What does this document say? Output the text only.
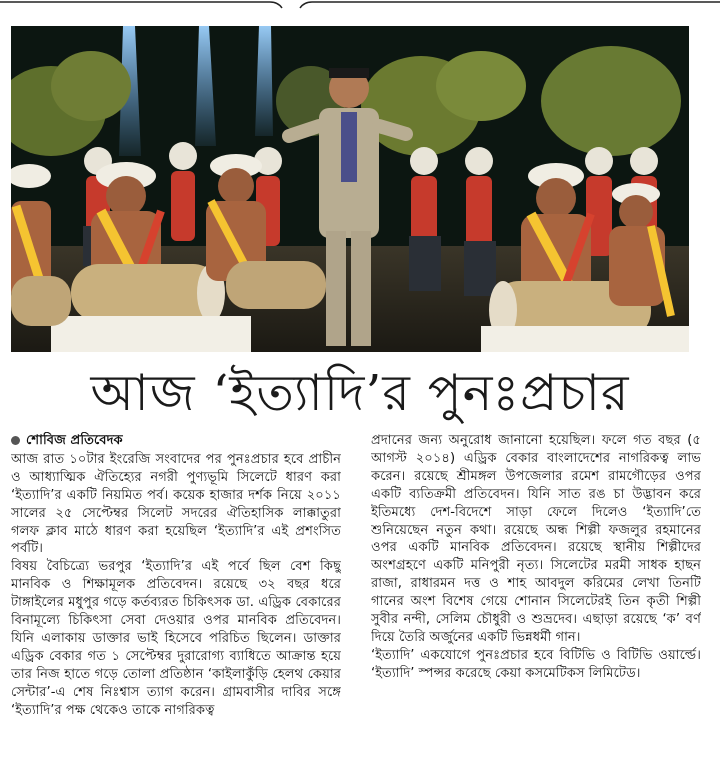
আজ ‘ইত্যাদি’র পুনঃপ্রচার
শোবিজ প্রতিবেদক

আজ রাত ১০টার ইংরেজি সংবাদের পর পুনঃপ্রচার হবে প্রাচীন ও আধ্যাত্মিক ঐতিহ্যের নগরী পুণ্যভূমি সিলেটে ধারণ করা ‘ইত্যাদি’র একটি নিয়মিত পর্ব। কয়েক হাজার দর্শক নিয়ে ২০১১ সালের ২৫ সেপ্টেম্বর সিলেট সদরের ঐতিহাসিক লাক্কাতুরা গলফ ক্লাব মাঠে ধারণ করা হয়েছিল ‘ইত্যাদি’র এই প্রশংসিত পর্বটি।

বিষয় বৈচিত্র্যে ভরপুর ‘ইত্যাদি’র এই পর্বে ছিল বেশ কিছু মানবিক ও শিক্ষামূলক প্রতিবেদন। রয়েছে ৩২ বছর ধরে টাঙ্গাইলের মধুপুর গড়ে কর্তব্যরত চিকিৎসক ডা. এড্রিক বেকারের বিনামূল্যে চিকিৎসা সেবা দেওয়ার ওপর মানবিক প্রতিবেদন। যিনি এলাকায় ডাক্তার ভাই হিসেবে পরিচিত ছিলেন। ডাক্তার এড্রিক বেকার গত ১ সেপ্টেম্বর দুরারোগ্য ব্যাধিতে আক্রান্ত হয়ে তার নিজ হাতে গড়ে তোলা প্রতিষ্ঠান ‘কাইলাকুঁড়ি হেলথ কেয়ার সেন্টার’-এ শেষ নিঃশ্বাস ত্যাগ করেন। গ্রামবাসীর দাবির সঙ্গে ‘ইত্যাদি’র পক্ষ থেকেও তাকে নাগরিকত্ব

প্রদানের জন্য অনুরোধ জানানো হয়েছিল। ফলে গত বছর (৫ আগস্ট ২০১৪) এড্রিক বেকার বাংলাদেশের নাগরিকত্ব লাভ করেন। রয়েছে শ্রীমঙ্গল উপজেলার রমেশ রামগৌড়ের ওপর একটি ব্যতিক্রমী প্রতিবেদন। যিনি সাত রঙ চা উদ্ভাবন করে ইতিমধ্যে দেশ-বিদেশে সাড়া ফেলে দিলেও ‘ইত্যাদি’তে শুনিয়েছেন নতুন কথা। রয়েছে অন্ধ শিল্পী ফজলুর রহমানের ওপর একটি মানবিক প্রতিবেদন। রয়েছে স্থানীয় শিল্পীদের অংশগ্রহণে একটি মনিপুরী নৃত্য। সিলেটের মরমী সাধক হাছন রাজা, রাধারমন দত্ত ও শাহ আবদুল করিমের লেখা তিনটি গানের অংশ বিশেষ গেয়ে শোনান সিলেটেরই তিন কৃতী শিল্পী সুবীর নন্দী, সেলিম চৌধুরী ও শুভ্রদেব। এছাড়া রয়েছে ‘ক’ বর্ণ দিয়ে তৈরি অর্জুনের একটি ভিন্নধর্মী গান।

‘ইত্যাদি’ একযোগে পুনঃপ্রচার হবে বিটিভি ও বিটিভি ওয়ার্ল্ডে। ‘ইত্যাদি’ স্পন্সর করেছে কেয়া কসমেটিকস লিমিটেড।
